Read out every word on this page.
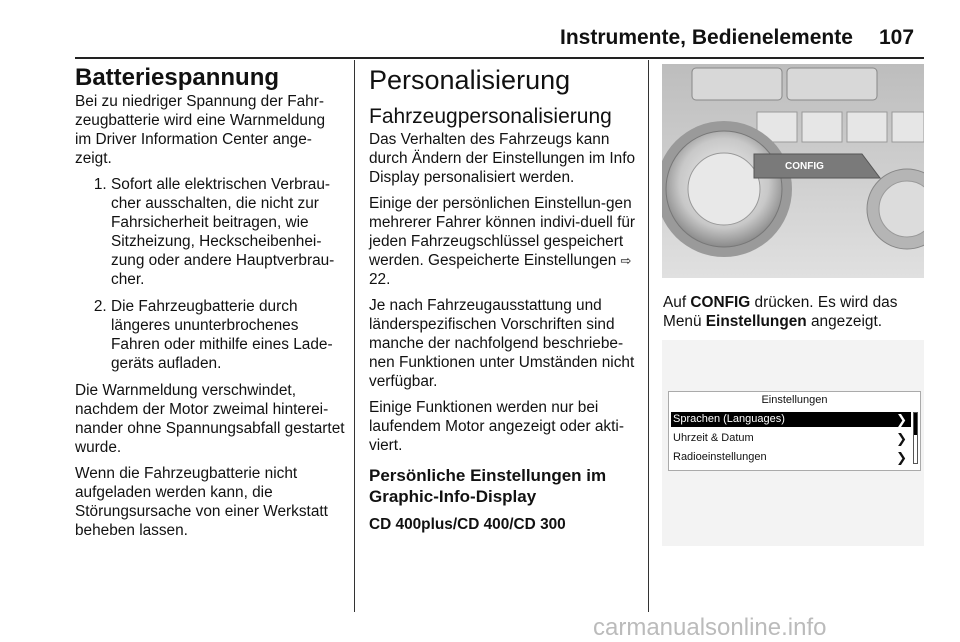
Instrumente, Bedienelemente 107
Batteriespannung

Bei zu niedriger Spannung der Fahr-zeugbatterie wird eine Warnmeldung im Driver Information Center ange-zeigt.

1. Sofort alle elektrischen Verbrau-cher ausschalten, die nicht zur Fahrsicherheit beitragen, wie Sitzheizung, Heckscheibenhei-zung oder andere Hauptverbrau-cher.
2. Die Fahrzeugbatterie durch längeres ununterbrochenes Fahren oder mithilfe eines Lade-geräts aufladen.

Die Warnmeldung verschwindet, nachdem der Motor zweimal hinterei-nander ohne Spannungsabfall gestartet wurde.

Wenn die Fahrzeugbatterie nicht aufgeladen werden kann, die Störungsursache von einer Werkstatt beheben lassen.

Personalisierung
Fahrzeugpersonalisierung

Das Verhalten des Fahrzeugs kann durch Ändern der Einstellungen im Info Display personalisiert werden.

Einige der persönlichen Einstellun-gen mehrerer Fahrer können indivi-duell für jeden Fahrzeugschlüssel gespeichert werden. Gespeicherte Einstellungen ⇨ 22.

Je nach Fahrzeugausstattung und länderspezifischen Vorschriften sind manche der nachfolgend beschriebe-nen Funktionen unter Umständen nicht verfügbar.

Einige Funktionen werden nur bei laufendem Motor angezeigt oder akti-viert.

Persönliche Einstellungen im Graphic-Info-Display
CD 400plus/CD 400/CD 300
CONFIG
Auf CONFIG drücken. Es wird das Menü Einstellungen angezeigt.
Einstellungen
Sprachen (Languages)	❯
Uhrzeit & Datum	❯
Radioeinstellungen	❯
carmanualsonline.info
